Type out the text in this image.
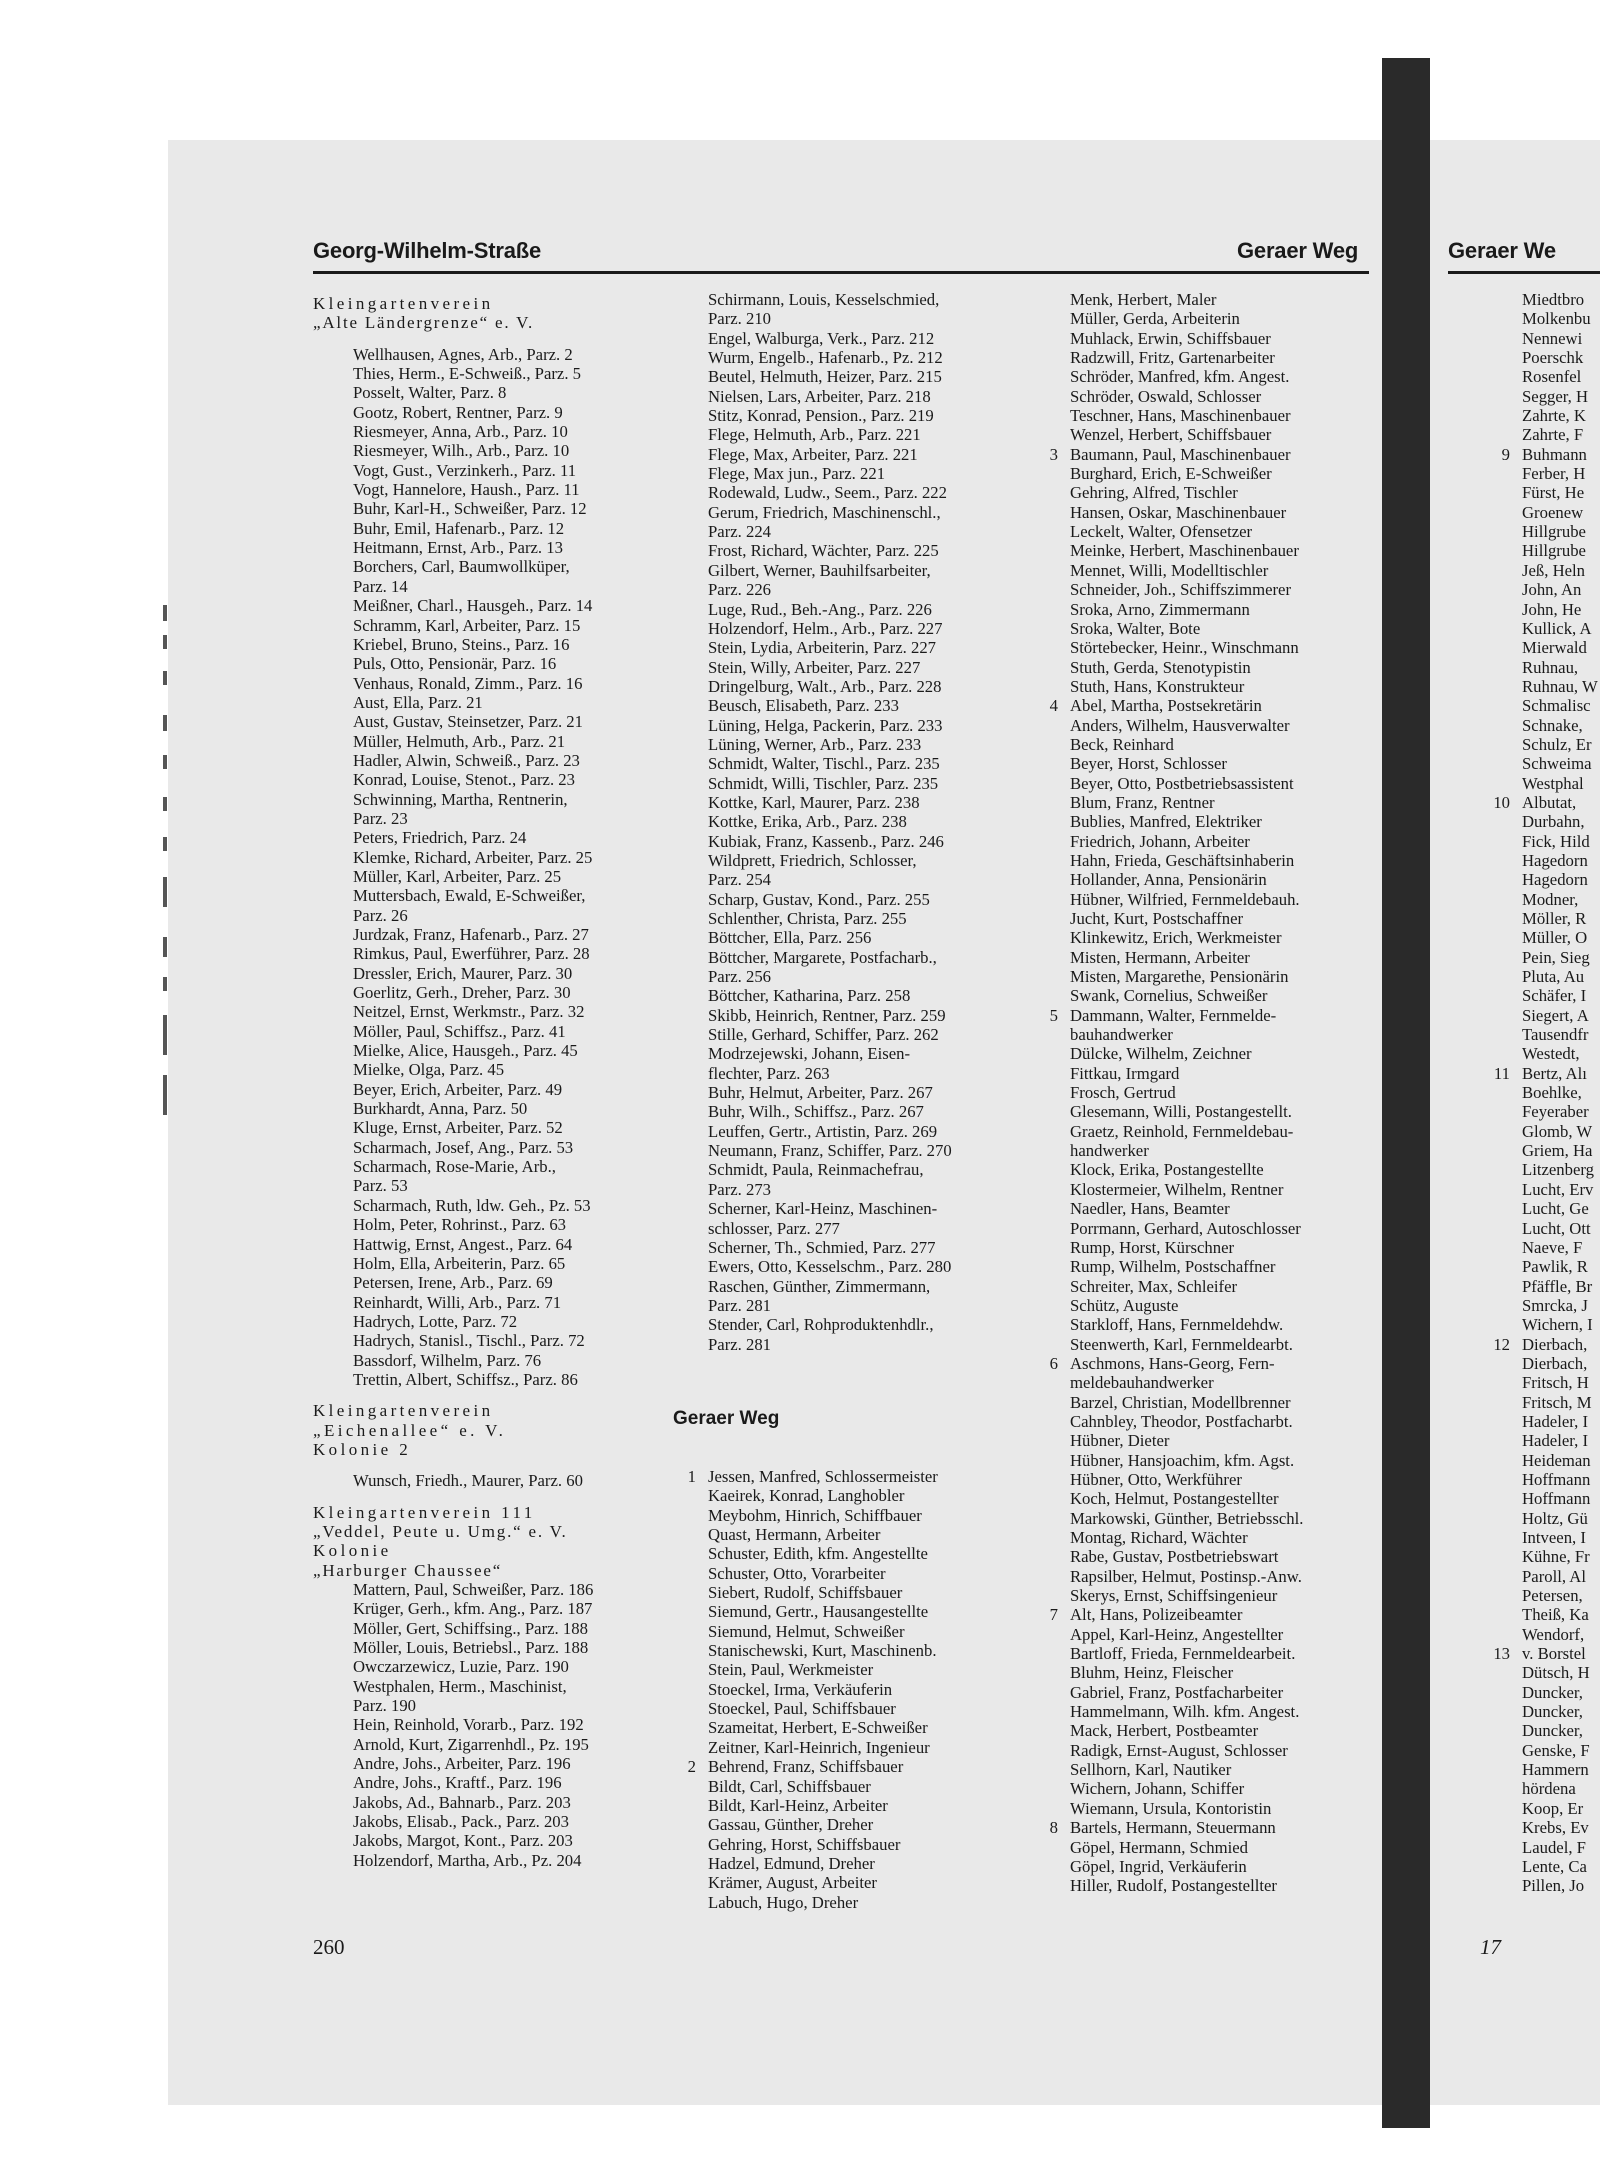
Geraer We
Miedtbro
Molkenbu
Nennewi
Poerschk
Rosenfel
Segger, H
Zahrte, K
Zahrte, F
9 Buhmann
Ferber, H
Fürst, He
Groenew
Hillgrube
Hillgrube
Jeß, Heln
John, An
John, He
Kullick, A
Mierwald
Ruhnau,
Ruhnau, W
Schmalisc
Schnake,
Schulz, Er
Schweima
Westphal
10 Albutat,
Durbahn,
Fick, Hild
Hagedorn
Hagedorn
Modner,
Möller, R
Müller, O
Pein, Sieg
Pluta, Au
Schäfer, I
Siegert, A
Tausendfr
Westedt,
11 Bertz, Alı
Boehlke,
Feyeraber
Glomb, W
Griem, Ha
Litzenberg
Lucht, Erv
Lucht, Ge
Lucht, Ott
Naeve, F
Pawlik, R
Pfäffle, Br
Smrcka, J
Wichern, I
12 Dierbach,
Dierbach,
Fritsch, H
Fritsch, M
Hadeler, I
Hadeler, I
Heideman
Hoffmann
Hoffmann
Holtz, Gü
Intveen, I
Kühne, Fr
Paroll, Al
Petersen,
Theiß, Ka
Wendorf,
13 v. Borstel
Dütsch, H
Duncker,
Duncker,
Duncker,
Genske, F
Hammern
hördena
Koop, Er
Krebs, Ev
Laudel, F
Lente, Ca
Pillen, Jo
17
Georg-Wilhelm-Straße	Geraer Weg
Kleingartenverein
„Alte Ländergrenze“ e. V.
Wellhausen, Agnes, Arb., Parz. 2
Thies, Herm., E-Schweiß., Parz. 5
Posselt, Walter, Parz. 8
Gootz, Robert, Rentner, Parz. 9
Riesmeyer, Anna, Arb., Parz. 10
Riesmeyer, Wilh., Arb., Parz. 10
Vogt, Gust., Verzinkerh., Parz. 11
Vogt, Hannelore, Haush., Parz. 11
Buhr, Karl-H., Schweißer, Parz. 12
Buhr, Emil, Hafenarb., Parz. 12
Heitmann, Ernst, Arb., Parz. 13
Borchers, Carl, Baumwollküper,
Parz. 14
Meißner, Charl., Hausgeh., Parz. 14
Schramm, Karl, Arbeiter, Parz. 15
Kriebel, Bruno, Steins., Parz. 16
Puls, Otto, Pensionär, Parz. 16
Venhaus, Ronald, Zimm., Parz. 16
Aust, Ella, Parz. 21
Aust, Gustav, Steinsetzer, Parz. 21
Müller, Helmuth, Arb., Parz. 21
Hadler, Alwin, Schweiß., Parz. 23
Konrad, Louise, Stenot., Parz. 23
Schwinning, Martha, Rentnerin,
Parz. 23
Peters, Friedrich, Parz. 24
Klemke, Richard, Arbeiter, Parz. 25
Müller, Karl, Arbeiter, Parz. 25
Muttersbach, Ewald, E-Schweißer,
Parz. 26
Jurdzak, Franz, Hafenarb., Parz. 27
Rimkus, Paul, Ewerführer, Parz. 28
Dressler, Erich, Maurer, Parz. 30
Goerlitz, Gerh., Dreher, Parz. 30
Neitzel, Ernst, Werkmstr., Parz. 32
Möller, Paul, Schiffsz., Parz. 41
Mielke, Alice, Hausgeh., Parz. 45
Mielke, Olga, Parz. 45
Beyer, Erich, Arbeiter, Parz. 49
Burkhardt, Anna, Parz. 50
Kluge, Ernst, Arbeiter, Parz. 52
Scharmach, Josef, Ang., Parz. 53
Scharmach, Rose-Marie, Arb.,
Parz. 53
Scharmach, Ruth, ldw. Geh., Pz. 53
Holm, Peter, Rohrinst., Parz. 63
Hattwig, Ernst, Angest., Parz. 64
Holm, Ella, Arbeiterin, Parz. 65
Petersen, Irene, Arb., Parz. 69
Reinhardt, Willi, Arb., Parz. 71
Hadrych, Lotte, Parz. 72
Hadrych, Stanisl., Tischl., Parz. 72
Bassdorf, Wilhelm, Parz. 76
Trettin, Albert, Schiffsz., Parz. 86
Kleingartenverein
„Eichenallee“ e. V.
Kolonie 2
Wunsch, Friedh., Maurer, Parz. 60
Kleingartenverein 111
„Veddel, Peute u. Umg.“ e. V.
Kolonie
„Harburger Chaussee“
Mattern, Paul, Schweißer, Parz. 186
Krüger, Gerh., kfm. Ang., Parz. 187
Möller, Gert, Schiffsing., Parz. 188
Möller, Louis, Betriebsl., Parz. 188
Owczarzewicz, Luzie, Parz. 190
Westphalen, Herm., Maschinist,
Parz. 190
Hein, Reinhold, Vorarb., Parz. 192
Arnold, Kurt, Zigarrenhdl., Pz. 195
Andre, Johs., Arbeiter, Parz. 196
Andre, Johs., Kraftf., Parz. 196
Jakobs, Ad., Bahnarb., Parz. 203
Jakobs, Elisab., Pack., Parz. 203
Jakobs, Margot, Kont., Parz. 203
Holzendorf, Martha, Arb., Pz. 204
Schirmann, Louis, Kesselschmied,
Parz. 210
Engel, Walburga, Verk., Parz. 212
Wurm, Engelb., Hafenarb., Pz. 212
Beutel, Helmuth, Heizer, Parz. 215
Nielsen, Lars, Arbeiter, Parz. 218
Stitz, Konrad, Pension., Parz. 219
Flege, Helmuth, Arb., Parz. 221
Flege, Max, Arbeiter, Parz. 221
Flege, Max jun., Parz. 221
Rodewald, Ludw., Seem., Parz. 222
Gerum, Friedrich, Maschinenschl.,
Parz. 224
Frost, Richard, Wächter, Parz. 225
Gilbert, Werner, Bauhilfsarbeiter,
Parz. 226
Luge, Rud., Beh.-Ang., Parz. 226
Holzendorf, Helm., Arb., Parz. 227
Stein, Lydia, Arbeiterin, Parz. 227
Stein, Willy, Arbeiter, Parz. 227
Dringelburg, Walt., Arb., Parz. 228
Beusch, Elisabeth, Parz. 233
Lüning, Helga, Packerin, Parz. 233
Lüning, Werner, Arb., Parz. 233
Schmidt, Walter, Tischl., Parz. 235
Schmidt, Willi, Tischler, Parz. 235
Kottke, Karl, Maurer, Parz. 238
Kottke, Erika, Arb., Parz. 238
Kubiak, Franz, Kassenb., Parz. 246
Wildprett, Friedrich, Schlosser,
Parz. 254
Scharp, Gustav, Kond., Parz. 255
Schlenther, Christa, Parz. 255
Böttcher, Ella, Parz. 256
Böttcher, Margarete, Postfacharb.,
Parz. 256
Böttcher, Katharina, Parz. 258
Skibb, Heinrich, Rentner, Parz. 259
Stille, Gerhard, Schiffer, Parz. 262
Modrzejewski, Johann, Eisen-
flechter, Parz. 263
Buhr, Helmut, Arbeiter, Parz. 267
Buhr, Wilh., Schiffsz., Parz. 267
Leuffen, Gertr., Artistin, Parz. 269
Neumann, Franz, Schiffer, Parz. 270
Schmidt, Paula, Reinmachefrau,
Parz. 273
Scherner, Karl-Heinz, Maschinen-
schlosser, Parz. 277
Scherner, Th., Schmied, Parz. 277
Ewers, Otto, Kesselschm., Parz. 280
Raschen, Günther, Zimmermann,
Parz. 281
Stender, Carl, Rohproduktenhdlr.,
Parz. 281
Geraer Weg
1 Jessen, Manfred, Schlossermeister
Kaeirek, Konrad, Langhobler
Meybohm, Hinrich, Schiffbauer
Quast, Hermann, Arbeiter
Schuster, Edith, kfm. Angestellte
Schuster, Otto, Vorarbeiter
Siebert, Rudolf, Schiffsbauer
Siemund, Gertr., Hausangestellte
Siemund, Helmut, Schweißer
Stanischewski, Kurt, Maschinenb.
Stein, Paul, Werkmeister
Stoeckel, Irma, Verkäuferin
Stoeckel, Paul, Schiffsbauer
Szameitat, Herbert, E-Schweißer
Zeitner, Karl-Heinrich, Ingenieur
2 Behrend, Franz, Schiffsbauer
Bildt, Carl, Schiffsbauer
Bildt, Karl-Heinz, Arbeiter
Gassau, Günther, Dreher
Gehring, Horst, Schiffsbauer
Hadzel, Edmund, Dreher
Krämer, August, Arbeiter
Labuch, Hugo, Dreher
Menk, Herbert, Maler
Müller, Gerda, Arbeiterin
Muhlack, Erwin, Schiffsbauer
Radzwill, Fritz, Gartenarbeiter
Schröder, Manfred, kfm. Angest.
Schröder, Oswald, Schlosser
Teschner, Hans, Maschinenbauer
Wenzel, Herbert, Schiffsbauer
3 Baumann, Paul, Maschinenbauer
Burghard, Erich, E-Schweißer
Gehring, Alfred, Tischler
Hansen, Oskar, Maschinenbauer
Leckelt, Walter, Ofensetzer
Meinke, Herbert, Maschinenbauer
Mennet, Willi, Modelltischler
Schneider, Joh., Schiffszimmerer
Sroka, Arno, Zimmermann
Sroka, Walter, Bote
Störtebecker, Heinr., Winschmann
Stuth, Gerda, Stenotypistin
Stuth, Hans, Konstrukteur
4 Abel, Martha, Postsekretärin
Anders, Wilhelm, Hausverwalter
Beck, Reinhard
Beyer, Horst, Schlosser
Beyer, Otto, Postbetriebsassistent
Blum, Franz, Rentner
Bublies, Manfred, Elektriker
Friedrich, Johann, Arbeiter
Hahn, Frieda, Geschäftsinhaberin
Hollander, Anna, Pensionärin
Hübner, Wilfried, Fernmeldebauh.
Jucht, Kurt, Postschaffner
Klinkewitz, Erich, Werkmeister
Misten, Hermann, Arbeiter
Misten, Margarethe, Pensionärin
Swank, Cornelius, Schweißer
5 Dammann, Walter, Fernmelde-
bauhandwerker
Dülcke, Wilhelm, Zeichner
Fittkau, Irmgard
Frosch, Gertrud
Glesemann, Willi, Postangestellt.
Graetz, Reinhold, Fernmeldebau-
handwerker
Klock, Erika, Postangestellte
Klostermeier, Wilhelm, Rentner
Naedler, Hans, Beamter
Porrmann, Gerhard, Autoschlosser
Rump, Horst, Kürschner
Rump, Wilhelm, Postschaffner
Schreiter, Max, Schleifer
Schütz, Auguste
Starkloff, Hans, Fernmeldehdw.
Steenwerth, Karl, Fernmeldearbt.
6 Aschmons, Hans-Georg, Fern-
meldebauhandwerker
Barzel, Christian, Modellbrenner
Cahnbley, Theodor, Postfacharbt.
Hübner, Dieter
Hübner, Hansjoachim, kfm. Agst.
Hübner, Otto, Werkführer
Koch, Helmut, Postangestellter
Markowski, Günther, Betriebsschl.
Montag, Richard, Wächter
Rabe, Gustav, Postbetriebswart
Rapsilber, Helmut, Postinsp.-Anw.
Skerys, Ernst, Schiffsingenieur
7 Alt, Hans, Polizeibeamter
Appel, Karl-Heinz, Angestellter
Bartloff, Frieda, Fernmeldearbeit.
Bluhm, Heinz, Fleischer
Gabriel, Franz, Postfacharbeiter
Hammelmann, Wilh. kfm. Angest.
Mack, Herbert, Postbeamter
Radigk, Ernst-August, Schlosser
Sellhorn, Karl, Nautiker
Wichern, Johann, Schiffer
Wiemann, Ursula, Kontoristin
8 Bartels, Hermann, Steuermann
Göpel, Hermann, Schmied
Göpel, Ingrid, Verkäuferin
Hiller, Rudolf, Postangestellter
260
